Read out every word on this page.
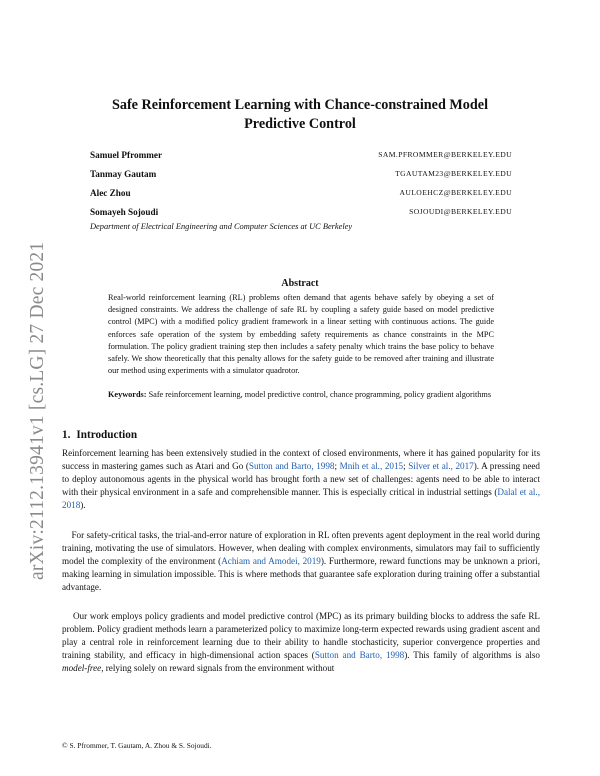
arXiv:2112.13941v1 [cs.LG] 27 Dec 2021
Safe Reinforcement Learning with Chance-constrained Model Predictive Control
Samuel Pfrommer	SAM.PFROMMER@BERKELEY.EDU
Tanmay Gautam	TGAUTAM23@BERKELEY.EDU
Alec Zhou	AULOEHCZ@BERKELEY.EDU
Somayeh Sojoudi	SOJOUDI@BERKELEY.EDU
Department of Electrical Engineering and Computer Sciences at UC Berkeley
Abstract
Real-world reinforcement learning (RL) problems often demand that agents behave safely by obeying a set of designed constraints. We address the challenge of safe RL by coupling a safety guide based on model predictive control (MPC) with a modified policy gradient framework in a linear setting with continuous actions. The guide enforces safe operation of the system by embedding safety requirements as chance constraints in the MPC formulation. The policy gradient training step then includes a safety penalty which trains the base policy to behave safely. We show theoretically that this penalty allows for the safety guide to be removed after training and illustrate our method using experiments with a simulator quadrotor.
Keywords: Safe reinforcement learning, model predictive control, chance programming, policy gradient algorithms
1. Introduction
Reinforcement learning has been extensively studied in the context of closed environments, where it has gained popularity for its success in mastering games such as Atari and Go (Sutton and Barto, 1998; Mnih et al., 2015; Silver et al., 2017). A pressing need to deploy autonomous agents in the physical world has brought forth a new set of challenges: agents need to be able to interact with their physical environment in a safe and comprehensible manner. This is especially critical in industrial settings (Dalal et al., 2018).
For safety-critical tasks, the trial-and-error nature of exploration in RL often prevents agent deployment in the real world during training, motivating the use of simulators. However, when dealing with complex environments, simulators may fail to sufficiently model the complexity of the environment (Achiam and Amodei, 2019). Furthermore, reward functions may be unknown a priori, making learning in simulation impossible. This is where methods that guarantee safe exploration during training offer a substantial advantage.
Our work employs policy gradients and model predictive control (MPC) as its primary building blocks to address the safe RL problem. Policy gradient methods learn a parameterized policy to maximize long-term expected rewards using gradient ascent and play a central role in reinforcement learning due to their ability to handle stochasticity, superior convergence properties and training stability, and efficacy in high-dimensional action spaces (Sutton and Barto, 1998). This family of algorithms is also model-free, relying solely on reward signals from the environment without
© S. Pfrommer, T. Gautam, A. Zhou & S. Sojoudi.
